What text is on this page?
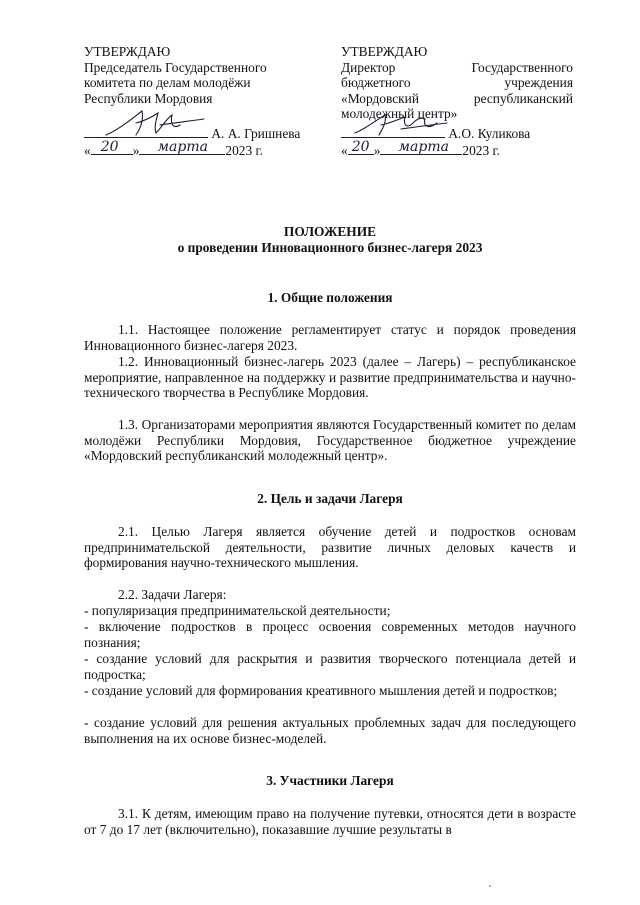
УТВЕРЖДАЮ
Председатель Государственного
комитета по делам молодёжи
Республики Мордовия
А. А. Гришнева
« 20 » марта 2023 г.
УТВЕРЖДАЮ
Директор Государственного
бюджетного учреждения
«Мордовский республиканский
молодежный центр»
А.О. Куликова
« 20 » марта 2023 г.
ПОЛОЖЕНИЕ
о проведении Инновационного бизнес-лагеря 2023
1. Общие положения
1.1. Настоящее положение регламентирует статус и порядок проведения Инновационного бизнес-лагеря 2023.
1.2. Инновационный бизнес-лагерь 2023 (далее – Лагерь) – республиканское мероприятие, направленное на поддержку и развитие предпринимательства и научно-технического творчества в Республике Мордовия.
1.3. Организаторами мероприятия являются Государственный комитет по делам молодёжи Республики Мордовия, Государственное бюджетное учреждение «Мордовский республиканский молодежный центр».
2. Цель и задачи Лагеря
2.1. Целью Лагеря является обучение детей и подростков основам предпринимательской деятельности, развитие личных деловых качеств и формирования научно-технического мышления.
2.2. Задачи Лагеря:
- популяризация предпринимательской деятельности;
- включение подростков в процесс освоения современных методов научного познания;
- создание условий для раскрытия и развития творческого потенциала детей и подростка;
- создание условий для формирования креативного мышления детей и подростков;
- создание условий для решения актуальных проблемных задач для последующего выполнения на их основе бизнес-моделей.
3. Участники Лагеря
3.1. К детям, имеющим право на получение путевки, относятся дети в возрасте от 7 до 17 лет (включительно), показавшие лучшие результаты в
